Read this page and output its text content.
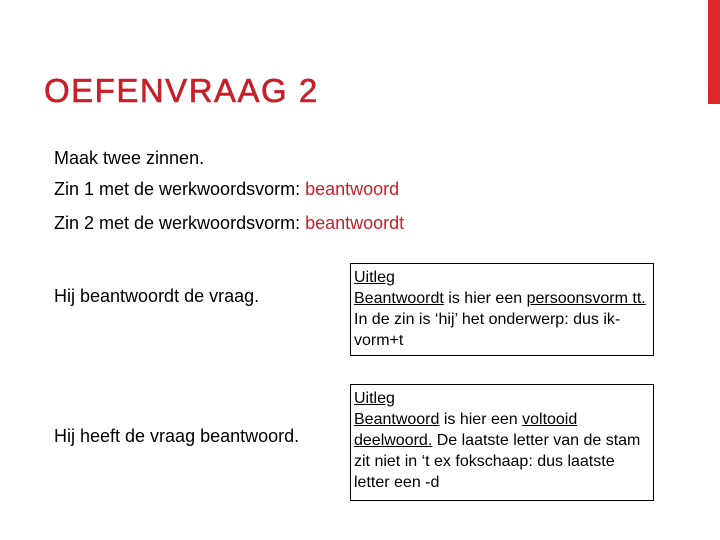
OEFENVRAAG 2
Maak twee zinnen.
Zin 1 met de werkwoordsvorm: beantwoord
Zin 2 met de werkwoordsvorm: beantwoordt
Hij beantwoordt de vraag.
Uitleg
Beantwoordt is hier een persoonsvorm tt. In de zin is ‘hij’ het onderwerp: dus ik-vorm+t
Hij heeft de vraag beantwoord.
Uitleg
Beantwoord is hier een voltooid deelwoord. De laatste letter van de stam zit niet in ‘t ex fokschaap: dus laatste letter een -d
